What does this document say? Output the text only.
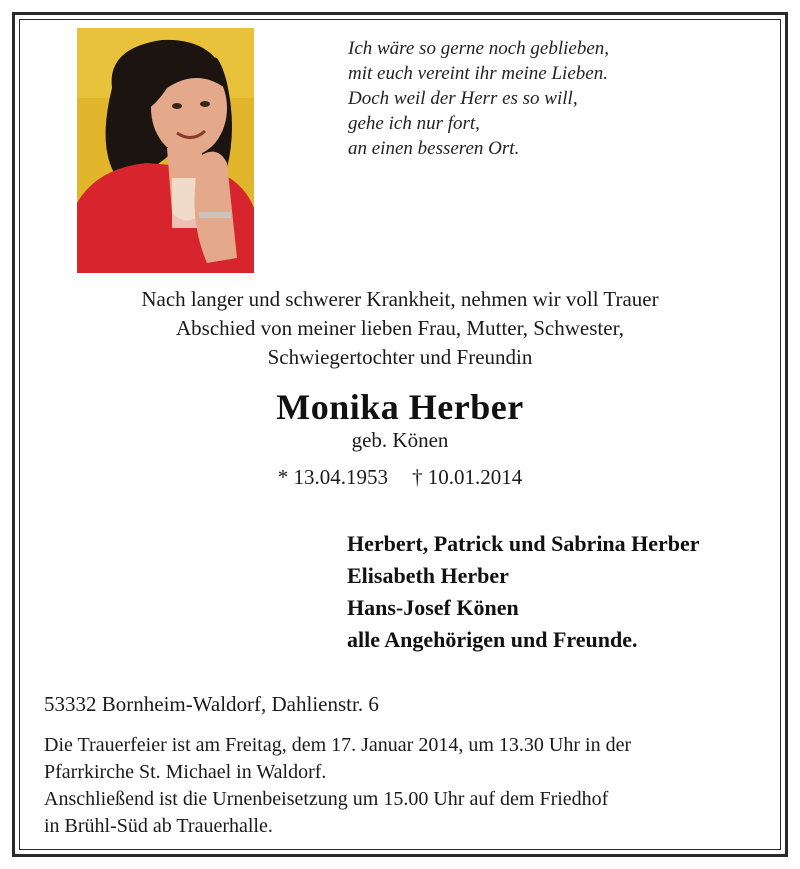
Ich wäre so gerne noch geblieben,
mit euch vereint ihr meine Lieben.
Doch weil der Herr es so will,
gehe ich nur fort,
an einen besseren Ort.
Nach langer und schwerer Krankheit, nehmen wir voll Trauer
Abschied von meiner lieben Frau, Mutter, Schwester,
Schwiegertochter und Freundin
Monika Herber
geb. Könen
* 13.04.1953 † 10.01.2014
Herbert, Patrick und Sabrina Herber
Elisabeth Herber
Hans-Josef Könen
alle Angehörigen und Freunde.
53332 Bornheim-Waldorf, Dahlienstr. 6
Die Trauerfeier ist am Freitag, dem 17. Januar 2014, um 13.30 Uhr in der
Pfarrkirche St. Michael in Waldorf.
Anschließend ist die Urnenbeisetzung um 15.00 Uhr auf dem Friedhof
in Brühl-Süd ab Trauerhalle.
